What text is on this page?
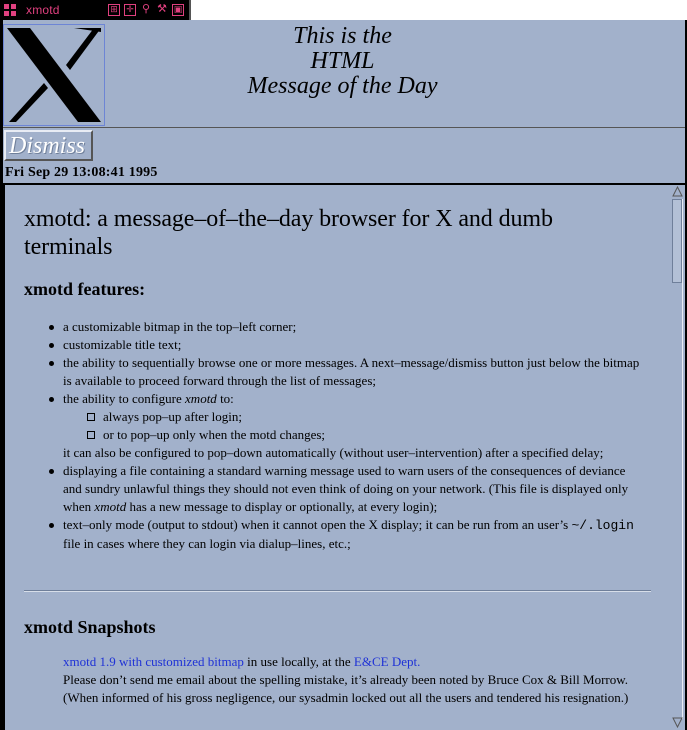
xmotd	⊞ ✛ ⚲ ⚒ ▣
This is the
HTML
Message of the Day
Dismiss
Fri Sep 29 13:08:41 1995
xmotd: a message–of–the–day browser for X and dumb terminals
xmotd features:
a customizable bitmap in the top–left corner;
customizable title text;
the ability to sequentially browse one or more messages. A next–message/dismiss button just below the bitmap is available to proceed forward through the list of messages;
the ability to configure xmotd to:
always pop–up after login;
or to pop–up only when the motd changes;
it can also be configured to pop–down automatically (without user–intervention) after a specified delay;
displaying a file containing a standard warning message used to warn users of the consequences of deviance and sundry unlawful things they should not even think of doing on your network. (This file is displayed only when xmotd has a new message to display or optionally, at every login);
text–only mode (output to stdout) when it cannot open the X display; it can be run from an user’s ~/.login file in cases where they can login via dialup–lines, etc.;
xmotd Snapshots
xmotd 1.9 with customized bitmap in use locally, at the E&CE Dept.
Please don’t send me email about the spelling mistake, it’s already been noted by Bruce Cox & Bill Morrow. (When informed of his gross negligence, our sysadmin locked out all the users and tendered his resignation.)
